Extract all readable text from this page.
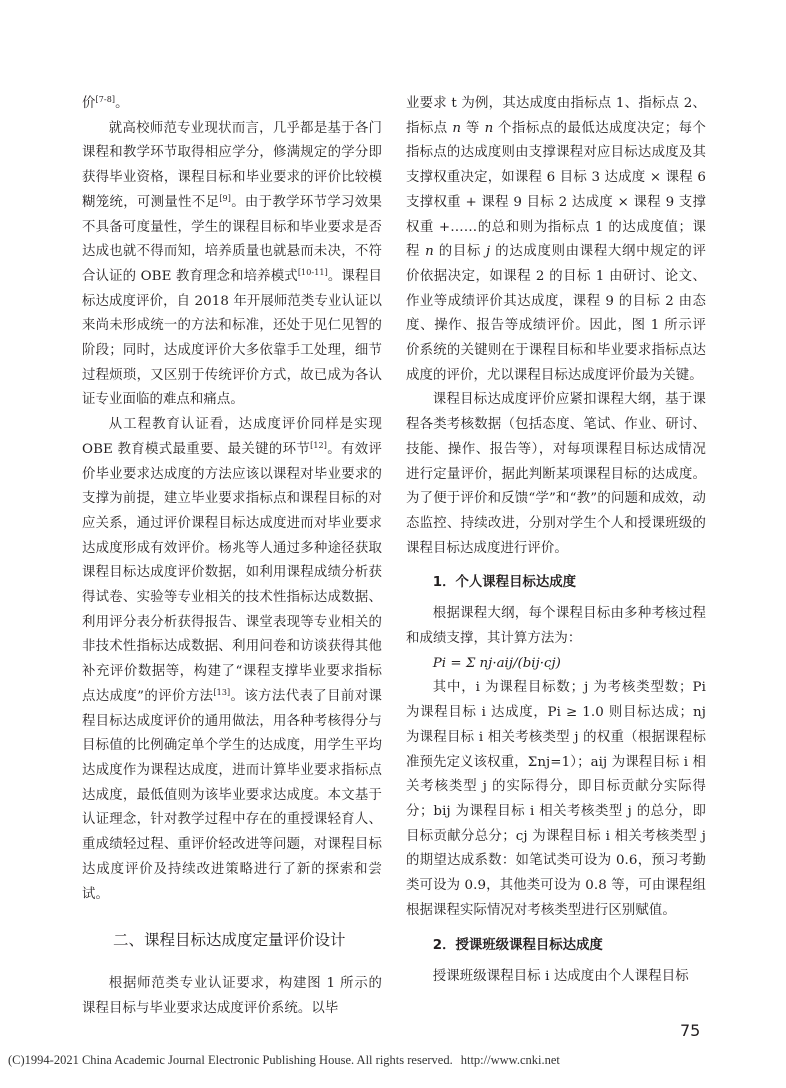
价[7-8]。

就高校师范专业现状而言，几乎都是基于各门课程和教学环节取得相应学分，修满规定的学分即获得毕业资格，课程目标和毕业要求的评价比较模糊笼统，可测量性不足[9]。由于教学环节学习效果不具备可度量性，学生的课程目标和毕业要求是否达成也就不得而知，培养质量也就悬而未决，不符合认证的 OBE 教育理念和培养模式[10-11]。课程目标达成度评价，自 2018 年开展师范类专业认证以来尚未形成统一的方法和标准，还处于见仁见智的阶段；同时，达成度评价大多依靠手工处理，细节过程烦琐，又区别于传统评价方式，故已成为各认证专业面临的难点和痛点。

从工程教育认证看，达成度评价同样是实现 OBE 教育模式最重要、最关键的环节[12]。有效评价毕业要求达成度的方法应该以课程对毕业要求的支撑为前提，建立毕业要求指标点和课程目标的对应关系，通过评价课程目标达成度进而对毕业要求达成度形成有效评价。杨兆等人通过多种途径获取课程目标达成度评价数据，如利用课程成绩分析获得试卷、实验等专业相关的技术性指标达成数据、利用评分表分析获得报告、课堂表现等专业相关的非技术性指标达成数据、利用问卷和访谈获得其他补充评价数据等，构建了“课程支撑毕业要求指标点达成度”的评价方法[13]。该方法代表了目前对课程目标达成度评价的通用做法，用各种考核得分与目标值的比例确定单个学生的达成度，用学生平均达成度作为课程达成度，进而计算毕业要求指标点达成度，最低值则为该毕业要求达成度。本文基于认证理念，针对教学过程中存在的重授课轻育人、重成绩轻过程、重评价轻改进等问题，对课程目标达成度评价及持续改进策略进行了新的探索和尝试。

二、课程目标达成度定量评价设计

根据师范类专业认证要求，构建图 1 所示的课程目标与毕业要求达成度评价系统。以毕

业要求 t 为例，其达成度由指标点 1、指标点 2、指标点 n 等 n 个指标点的最低达成度决定；每个指标点的达成度则由支撑课程对应目标达成度及其支撑权重决定，如课程 6 目标 3 达成度 × 课程 6 支撑权重 + 课程 9 目标 2 达成度 × 课程 9 支撑权重 +……的总和则为指标点 1 的达成度值；课程 n 的目标 j 的达成度则由课程大纲中规定的评价依据决定，如课程 2 的目标 1 由研讨、论文、作业等成绩评价其达成度，课程 9 的目标 2 由态度、操作、报告等成绩评价。因此，图 1 所示评价系统的关键则在于课程目标和毕业要求指标点达成度的评价，尤以课程目标达成度评价最为关键。

课程目标达成度评价应紧扣课程大纲，基于课程各类考核数据（包括态度、笔试、作业、研讨、技能、操作、报告等），对每项课程目标达成情况进行定量评价，据此判断某项课程目标的达成度。为了便于评价和反馈“学”和“教”的问题和成效，动态监控、持续改进，分别对学生个人和授课班级的课程目标达成度进行评价。

1．个人课程目标达成度

根据课程大纲，每个课程目标由多种考核过程和成绩支撑，其计算方法为：

Pi = Σ nj·aij/(bij·cj)

其中，i 为课程目标数；j 为考核类型数；Pi 为课程目标 i 达成度，Pi ≥ 1.0 则目标达成；nj 为课程目标 i 相关考核类型 j 的权重（根据课程标准预先定义该权重，Σnj=1）；aij 为课程目标 i 相关考核类型 j 的实际得分，即目标贡献分实际得分；bij 为课程目标 i 相关考核类型 j 的总分，即目标贡献分总分；cj 为课程目标 i 相关考核类型 j 的期望达成系数：如笔试类可设为 0.6，预习考勤类可设为 0.9，其他类可设为 0.8 等，可由课程组根据课程实际情况对考核类型进行区别赋值。

2．授课班级课程目标达成度

授课班级课程目标 i 达成度由个人课程目标

75
(C)1994-2021 China Academic Journal Electronic Publishing House. All rights reserved. http://www.cnki.net
